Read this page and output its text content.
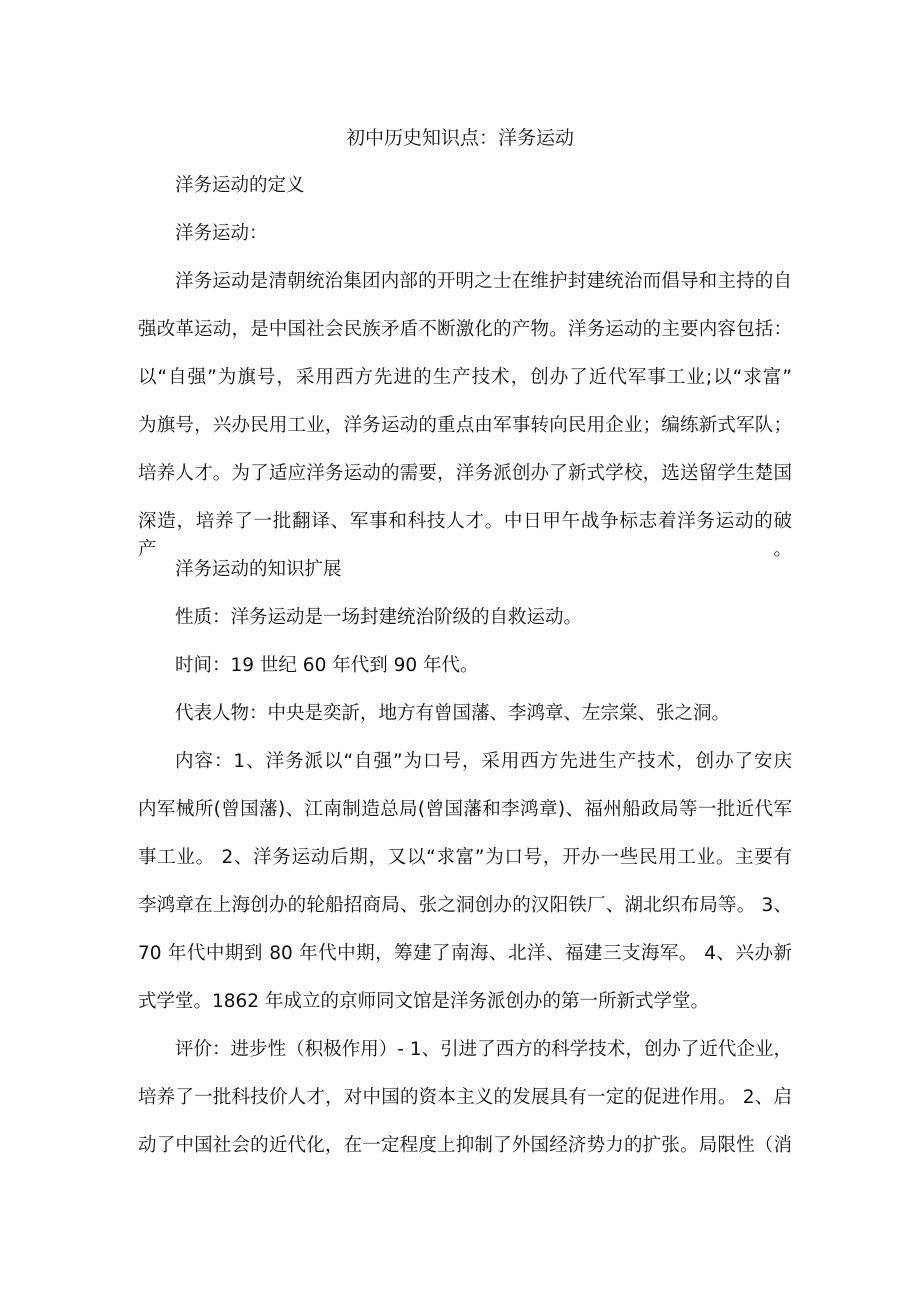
初中历史知识点：洋务运动
洋务运动的定义
洋务运动：
洋务运动是清朝统治集团内部的开明之士在维护封建统治而倡导和主持的自
强改革运动，是中国社会民族矛盾不断激化的产物。洋务运动的主要内容包括：
以“自强”为旗号，采用西方先进的生产技术，创办了近代军事工业;以“求富”
为旗号，兴办民用工业，洋务运动的重点由军事转向民用企业；编练新式军队；
培养人才。为了适应洋务运动的需要，洋务派创办了新式学校，选送留学生楚国
深造，培养了一批翻译、军事和科技人才。中日甲午战争标志着洋务运动的破产。
洋务运动的知识扩展
性质：洋务运动是一场封建统治阶级的自救运动。
时间：19 世纪 60 年代到 90 年代。
代表人物：中央是奕訢，地方有曾国藩、李鸿章、左宗棠、张之洞。
内容：1、洋务派以“自强”为口号，采用西方先进生产技术，创办了安庆
内军械所(曾国藩)、江南制造总局(曾国藩和李鸿章)、福州船政局等一批近代军
事工业。 2、洋务运动后期，又以“求富”为口号，开办一些民用工业。主要有
李鸿章在上海创办的轮船招商局、张之洞创办的汉阳铁厂、湖北织布局等。 3、
70 年代中期到 80 年代中期，筹建了南海、北洋、福建三支海军。 4、兴办新
式学堂。1862 年成立的京师同文馆是洋务派创办的第一所新式学堂。
评价：进步性（积极作用）- 1、引进了西方的科学技术，创办了近代企业，
培养了一批科技价人才，对中国的资本主义的发展具有一定的促进作用。 2、启
动了中国社会的近代化，在一定程度上抑制了外国经济势力的扩张。局限性（消
